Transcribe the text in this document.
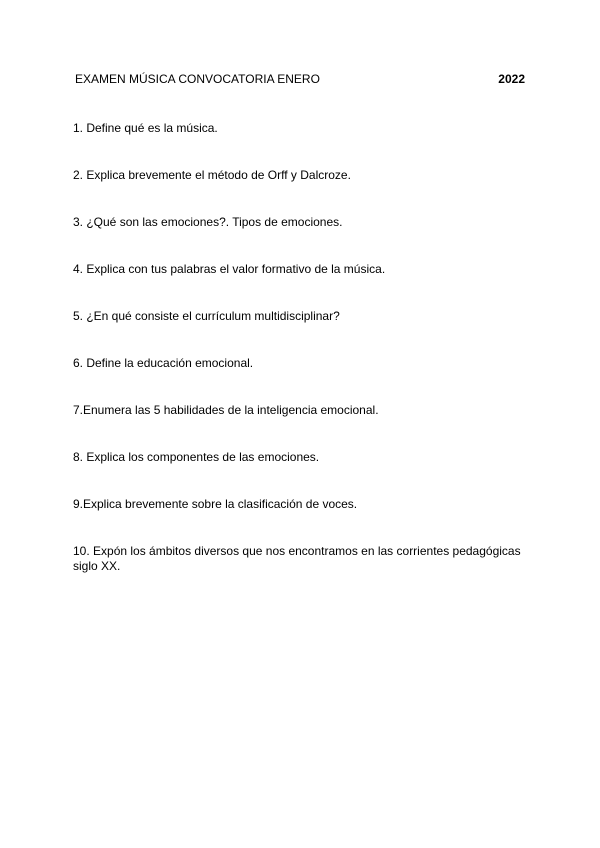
EXAMEN MÚSICA CONVOCATORIA ENERO	2022
1. Define qué es la música.
2. Explica brevemente el método de Orff y Dalcroze.
3. ¿Qué son las emociones?. Tipos de emociones.
4. Explica con tus palabras el valor formativo de la música.
5. ¿En qué consiste el currículum multidisciplinar?
6. Define la educación emocional.
7.Enumera las 5 habilidades de la inteligencia emocional.
8. Explica los componentes de las emociones.
9.Explica brevemente sobre la clasificación de voces.
10. Expón los ámbitos diversos que nos encontramos en las corrientes pedagógicas siglo XX.
